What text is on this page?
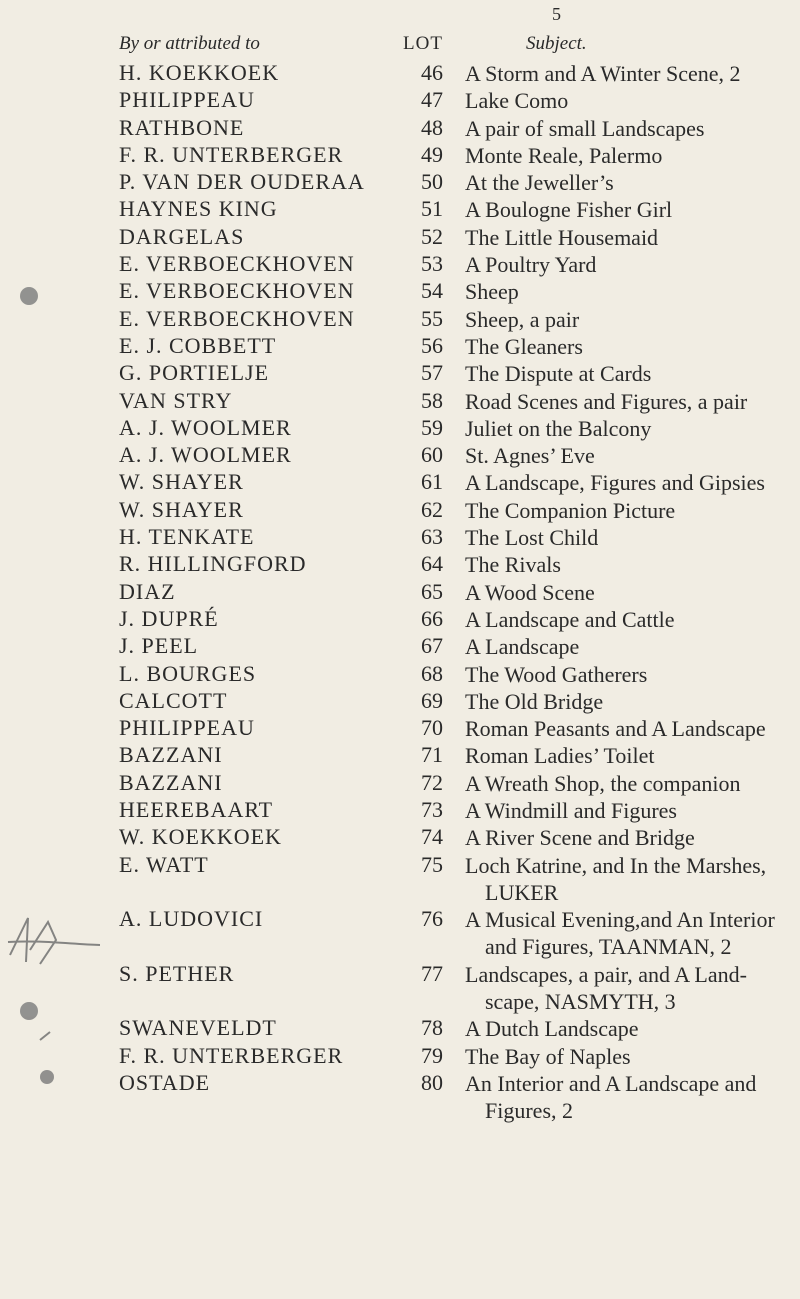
5
By or attributed to	LOT	Subject.
H. KOEKKOEK	46 A Storm and A Winter Scene, 2
PHILIPPEAU	47 Lake Como
RATHBONE	48 A pair of small Landscapes
F. R. UNTERBERGER	49 Monte Reale, Palermo
P. VAN DER OUDERAA	50 At the Jeweller’s
HAYNES KING	51 A Boulogne Fisher Girl
DARGELAS	52 The Little Housemaid
E. VERBOECKHOVEN	53 A Poultry Yard
E. VERBOECKHOVEN	54 Sheep
E. VERBOECKHOVEN	55 Sheep, a pair
E. J. COBBETT	56 The Gleaners
G. PORTIELJE	57 The Dispute at Cards
VAN STRY	58 Road Scenes and Figures, a pair
A. J. WOOLMER	59 Juliet on the Balcony
A. J. WOOLMER	60 St. Agnes’ Eve
W. SHAYER	61 A Landscape, Figures and Gipsies
W. SHAYER	62 The Companion Picture
H. TENKATE	63 The Lost Child
R. HILLINGFORD	64 The Rivals
DIAZ	65 A Wood Scene
J. DUPRÉ	66 A Landscape and Cattle
J. PEEL	67 A Landscape
L. BOURGES	68 The Wood Gatherers
CALCOTT	69 The Old Bridge
PHILIPPEAU	70 Roman Peasants and A Landscape
BAZZANI	71 Roman Ladies’ Toilet
BAZZANI	72 A Wreath Shop, the companion
HEEREBAART	73 A Windmill and Figures
W. KOEKKOEK	74 A River Scene and Bridge
E. WATT	75 Loch Katrine, and In the Marshes,
LUKER
A. LUDOVICI	76 A Musical Evening,and An Interior
and Figures, TAANMAN, 2
S. PETHER	77 Landscapes, a pair, and A Land-
scape, NASMYTH, 3
SWANEVELDT	78 A Dutch Landscape
F. R. UNTERBERGER	79 The Bay of Naples
OSTADE	80 An Interior and A Landscape and
Figures, 2
